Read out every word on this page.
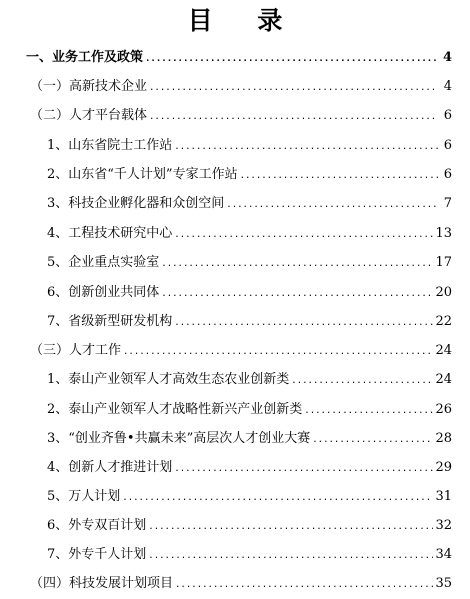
目 录
一、业务工作及政策 .....	4
（一）高新技术企业 .....	4
（二）人才平台载体 .....	6
1、山东省院士工作站 .....	6
2、山东省“千人计划”专家工作站 .....	6
3、科技企业孵化器和众创空间 .....	7
4、工程技术研究中心 .....	13
5、企业重点实验室 .....	17
6、创新创业共同体 .....	20
7、省级新型研发机构 .....	22
（三）人才工作 .....	24
1、泰山产业领军人才高效生态农业创新类 .....	24
2、泰山产业领军人才战略性新兴产业创新类 .....	26
3、“创业齐鲁•共赢未来”高层次人才创业大赛 .....	28
4、创新人才推进计划 .....	29
5、万人计划 .....	31
6、外专双百计划 .....	32
7、外专千人计划 .....	34
（四）科技发展计划项目 .....	35
